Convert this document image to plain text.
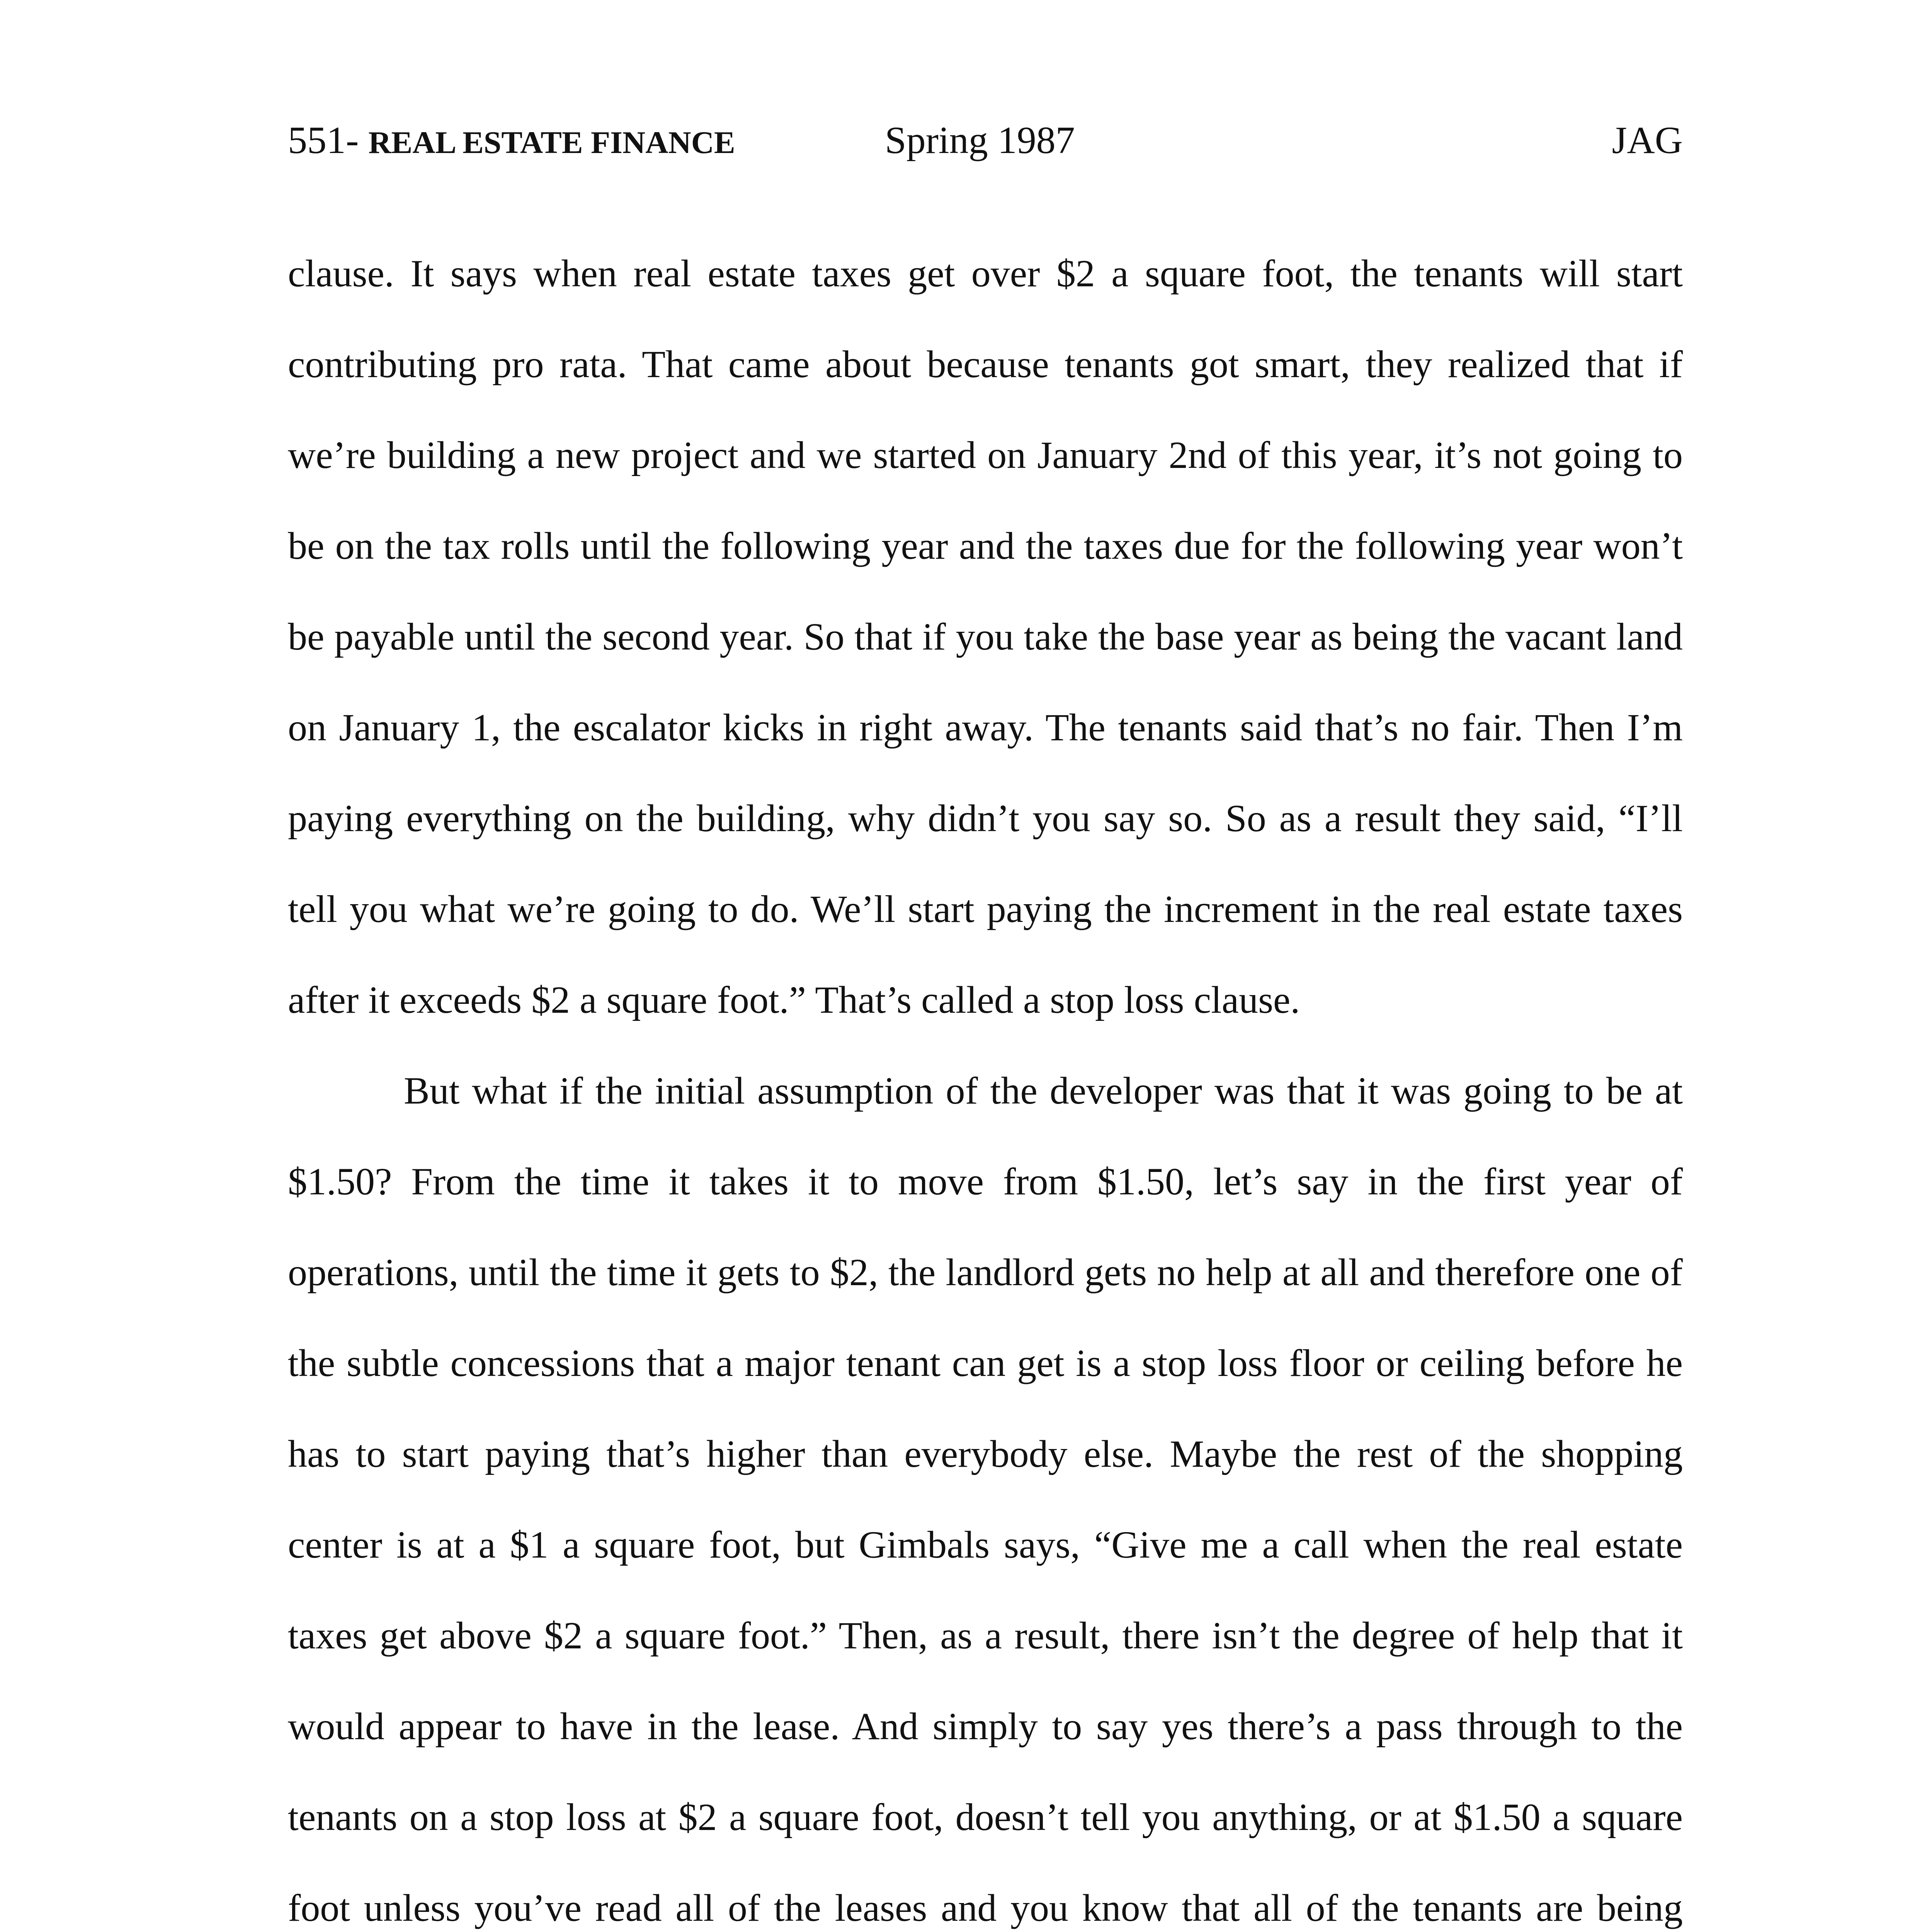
551- REAL ESTATE FINANCE	Spring 1987	JAG

clause. It says when real estate taxes get over $2 a square foot, the tenants will start contributing pro rata. That came about because tenants got smart, they realized that if we’re building a new project and we started on January 2nd of this year, it’s not going to be on the tax rolls until the following year and the taxes due for the following year won’t be payable until the second year. So that if you take the base year as being the vacant land on January 1, the escalator kicks in right away. The tenants said that’s no fair. Then I’m paying everything on the building, why didn’t you say so. So as a result they said, “I’ll tell you what we’re going to do. We’ll start paying the increment in the real estate taxes after it exceeds $2 a square foot.” That’s called a stop loss clause.

But what if the initial assumption of the developer was that it was going to be at $1.50? From the time it takes it to move from $1.50, let’s say in the first year of operations, until the time it gets to $2, the landlord gets no help at all and therefore one of the subtle concessions that a major tenant can get is a stop loss floor or ceiling before he has to start paying that’s higher than everybody else. Maybe the rest of the shopping center is at a $1 a square foot, but Gimbals says, “Give me a call when the real estate taxes get above $2 a square foot.” Then, as a result, there isn’t the degree of help that it would appear to have in the lease. And simply to say yes there’s a pass through to the tenants on a stop loss at $2 a square foot, doesn’t tell you anything, or at $1.50 a square foot unless you’ve read all of the leases and you know that all of the tenants are being
